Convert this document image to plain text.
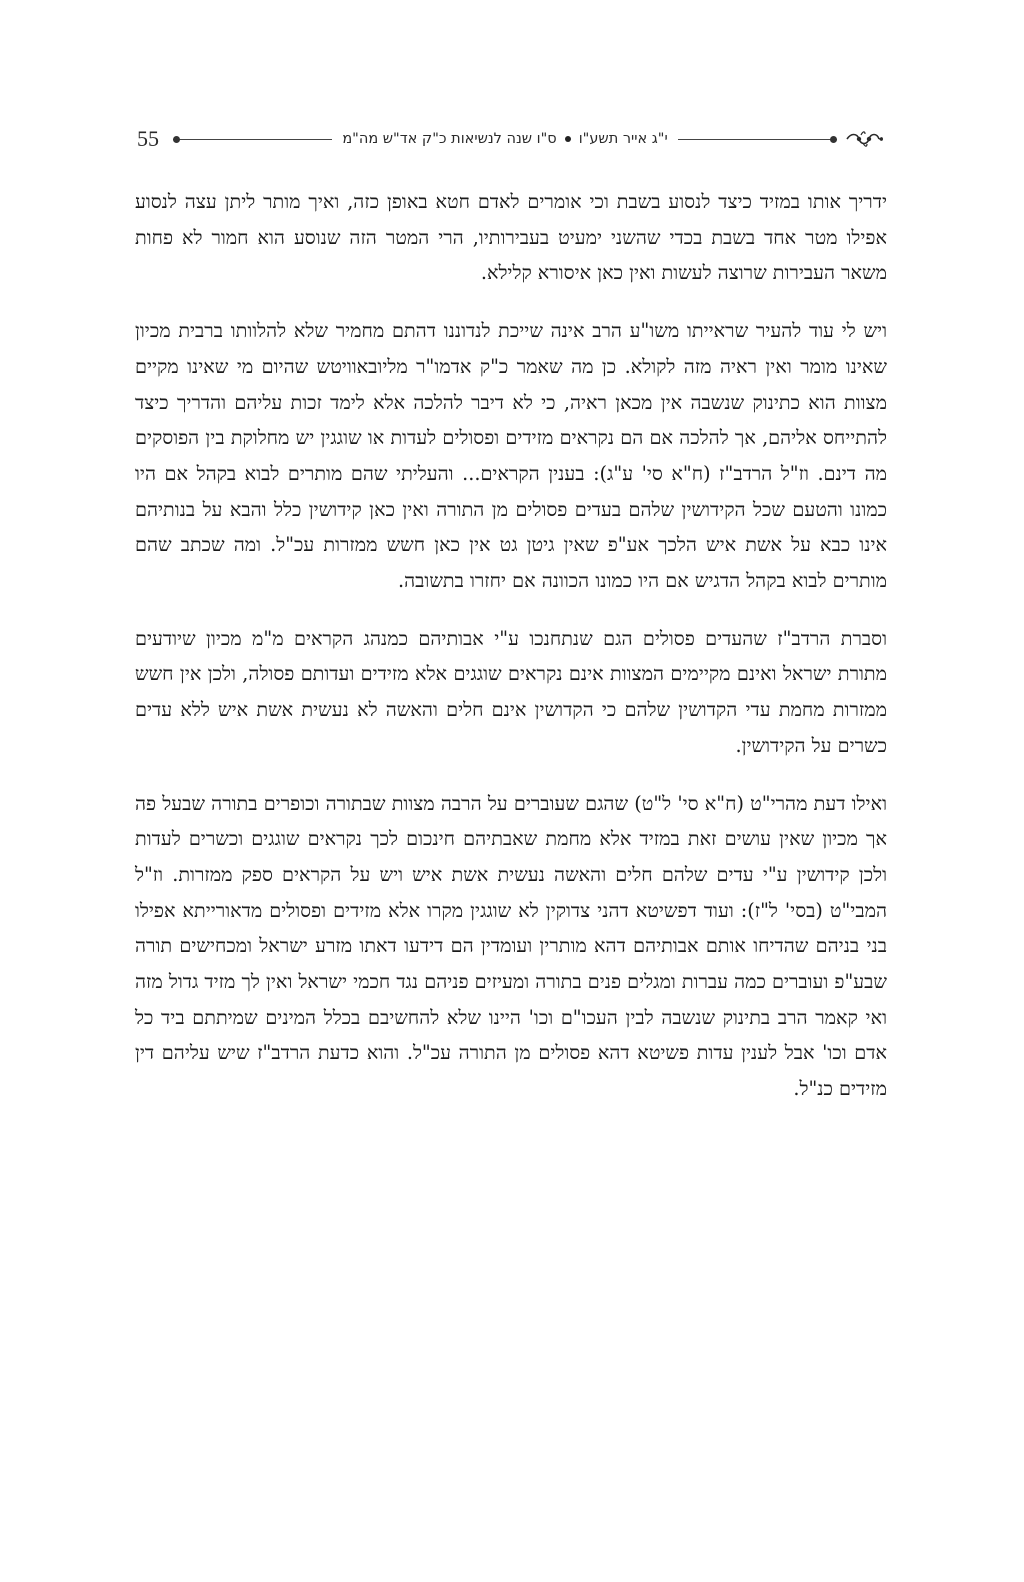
55	י"ג אייר תשע"וס"ו שנה לנשיאות כ"ק אד"ש מה"מ

ידריך אותו במזיד כיצד לנסוע בשבת וכי אומרים לאדם חטא באופן כזה, ואיך מותר ליתן עצה לנסוע אפילו מטר אחד בשבת בכדי שהשני ימעיט בעבירותיו, הרי המטר הזה שנוסע הוא חמור לא פחות משאר העבירות שרוצה לעשות ואין כאן איסורא קלילא.

ויש לי עוד להעיר שראייתו משו"ע הרב אינה שייכת לנדוננו דהתם מחמיר שלא להלוותו ברבית מכיון שאינו מומר ואין ראיה מזה לקולא. כן מה שאמר כ"ק אדמו"ר מליובאוויטש שהיום מי שאינו מקיים מצוות הוא כתינוק שנשבה אין מכאן ראיה, כי לא דיבר להלכה אלא לימד זכות עליהם והדריך כיצד להתייחס אליהם, אך להלכה אם הם נקראים מזידים ופסולים לעדות או שוגגין יש מחלוקת בין הפוסקים מה דינם. וז"ל הרדב"ז (ח"א סי' ע"ג): בענין הקראים... והעליתי שהם מותרים לבוא בקהל אם היו כמונו והטעם שכל הקידושין שלהם בעדים פסולים מן התורה ואין כאן קידושין כלל והבא על בנותיהם אינו כבא על אשת איש הלכך אע"פ שאין גיטן גט אין כאן חשש ממזרות עכ"ל. ומה שכתב שהם מותרים לבוא בקהל הדגיש אם היו כמונו הכוונה אם יחזרו בתשובה.

וסברת הרדב"ז שהעדים פסולים הגם שנתחנכו ע"י אבותיהם כמנהג הקראים מ"מ מכיון שיודעים מתורת ישראל ואינם מקיימים המצוות אינם נקראים שוגגים אלא מזידים ועדותם פסולה, ולכן אין חשש ממזרות מחמת עדי הקדושין שלהם כי הקדושין אינם חלים והאשה לא נעשית אשת איש ללא עדים כשרים על הקידושין.

ואילו דעת מהרי"ט (ח"א סי' ל"ט) שהגם שעוברים על הרבה מצוות שבתורה וכופרים בתורה שבעל פה אך מכיון שאין עושים זאת במזיד אלא מחמת שאבתיהם חינכום לכך נקראים שוגגים וכשרים לעדות ולכן קידושין ע"י עדים שלהם חלים והאשה נעשית אשת איש ויש על הקראים ספק ממזרות. וז"ל המבי"ט (בסי' ל"ז): ועוד דפשיטא דהני צדוקין לא שוגגין מקרו אלא מזידים ופסולים מדאורייתא אפילו בני בניהם שהדיחו אותם אבותיהם דהא מותרין ועומדין הם דידעו דאתו מזרע ישראל ומכחישים תורה שבע"פ ועוברים כמה עברות ומגלים פנים בתורה ומעיזים פניהם נגד חכמי ישראל ואין לך מזיד גדול מזה ואי קאמר הרב בתינוק שנשבה לבין העכו"ם וכו' היינו שלא להחשיבם בכלל המינים שמיתתם ביד כל אדם וכו' אבל לענין עדות פשיטא דהא פסולים מן התורה עכ"ל. והוא כדעת הרדב"ז שיש עליהם דין מזידים כנ"ל.
